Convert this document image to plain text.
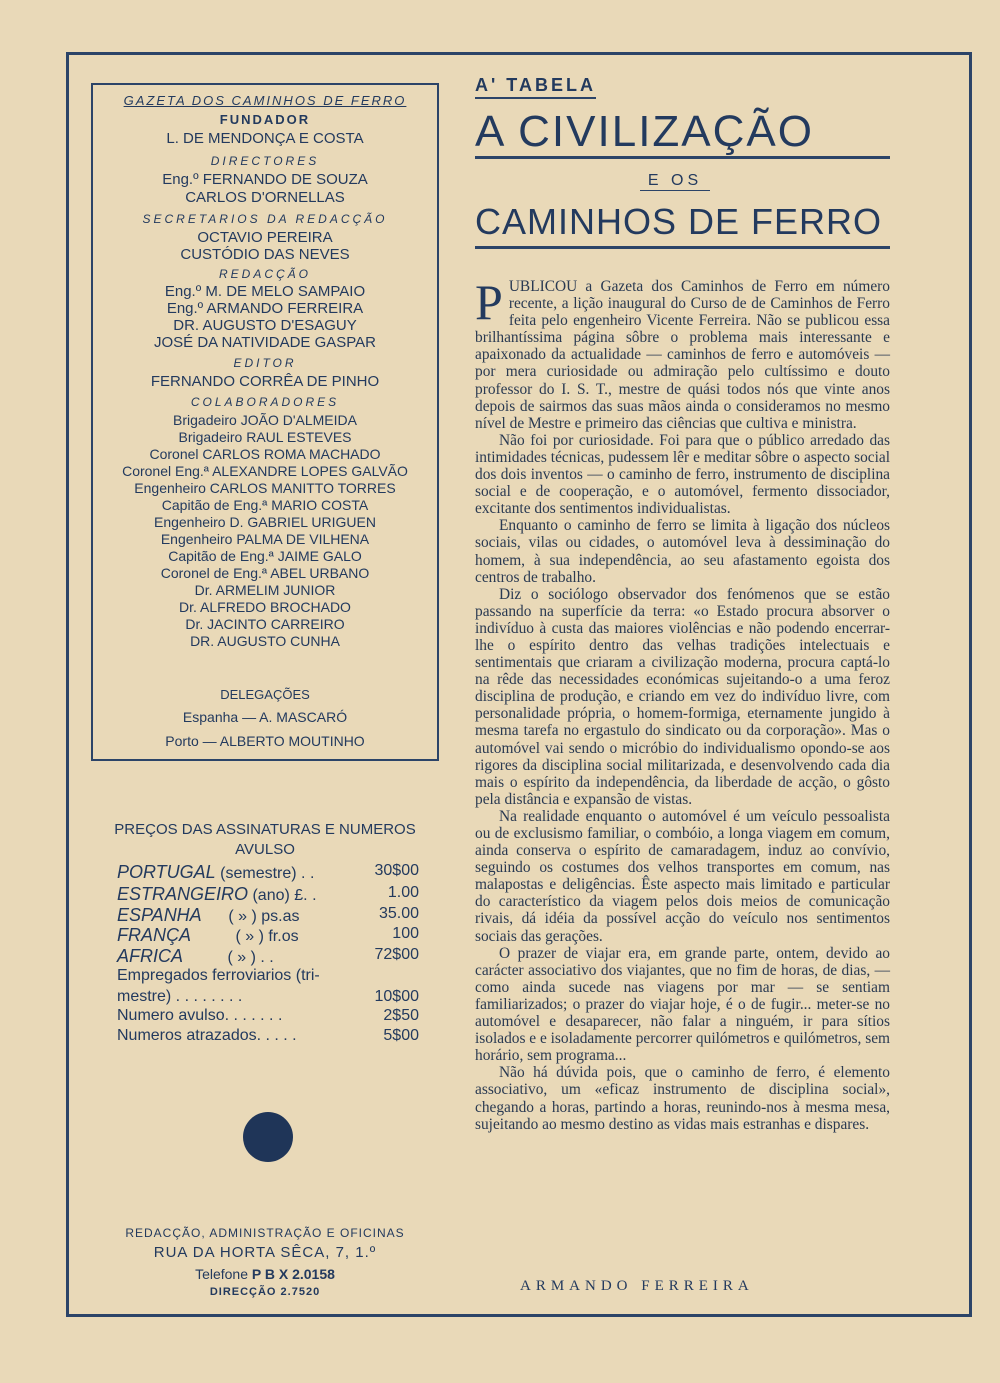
GAZETA DOS CAMINHOS DE FERRO
FUNDADOR
L. DE MENDONÇA E COSTA
DIRECTORES
Eng.º FERNANDO DE SOUZA
CARLOS D'ORNELLAS
SECRETARIOS DA REDACÇÃO
OCTAVIO PEREIRA
CUSTÓDIO DAS NEVES
REDACÇÃO
Eng.º M. DE MELO SAMPAIO
Eng.º ARMANDO FERREIRA
DR. AUGUSTO D'ESAGUY
JOSÉ DA NATIVIDADE GASPAR
EDITOR
FERNANDO CORRÊA DE PINHO
COLABORADORES
Brigadeiro JOÃO D'ALMEIDA
Brigadeiro RAUL ESTEVES
Coronel CARLOS ROMA MACHADO
Coronel Eng.ª ALEXANDRE LOPES GALVÃO
Engenheiro CARLOS MANITTO TORRES
Capitão de Eng.ª MARIO COSTA
Engenheiro D. GABRIEL URIGUEN
Engenheiro PALMA DE VILHENA
Capitão de Eng.ª JAIME GALO
Coronel de Eng.ª ABEL URBANO
Dr. ARMELIM JUNIOR
Dr. ALFREDO BROCHADO
Dr. JACINTO CARREIRO
DR. AUGUSTO CUNHA
DELEGAÇÕES
Espanha — A. MASCARÓ
Porto — ALBERTO MOUTINHO
PREÇOS DAS ASSINATURAS E NUMEROS
AVULSO
PORTUGAL (semestre) . .	30$00
ESTRANGEIRO (ano) £. .	1.00
ESPANHA      ( » ) ps.as	35.00
FRANÇA          ( » ) fr.os	100
AFRICA          ( » ) . .	72$00
Empregados ferroviarios (tri-
mestre) . . . . . . . .	10$00
Numero avulso. . . . . . .	2$50
Numeros atrazados. . . . .	5$00
REDACÇÃO, ADMINISTRAÇÃO E OFICINAS
RUA DA HORTA SÊCA, 7, 1.º
Telefone P B X 2.0158
DIRECÇÃO 2.7520
A' TABELA
A CIVILIZAÇÃO
E OS
CAMINHOS DE FERRO

PUBLICOU a Gazeta dos Caminhos de Ferro em número recente, a lição inaugural do Curso de de Caminhos de Ferro feita pelo engenheiro Vicente Ferreira. Não se publicou essa brilhantíssima página sôbre o problema mais interessante e apaixonado da actualidade — caminhos de ferro e automóveis — por mera curiosidade ou admiração pelo cultíssimo e douto professor do I. S. T., mestre de quási todos nós que vinte anos depois de sairmos das suas mãos ainda o consideramos no mesmo nível de Mestre e primeiro das ciências que cultiva e ministra.

Não foi por curiosidade. Foi para que o público arredado das intimidades técnicas, pudessem lêr e meditar sôbre o aspecto social dos dois inventos — o caminho de ferro, instrumento de disciplina social e de cooperação, e o automóvel, fermento dissociador, excitante dos sentimentos individualistas.

Enquanto o caminho de ferro se limita à ligação dos núcleos sociais, vilas ou cidades, o automóvel leva à dessiminação do homem, à sua independência, ao seu afastamento egoista dos centros de trabalho.

Diz o sociólogo observador dos fenómenos que se estão passando na superfície da terra: «o Estado procura absorver o indivíduo à custa das maiores violências e não podendo encerrar-lhe o espírito dentro das velhas tradições intelectuais e sentimentais que criaram a civilização moderna, procura captá-lo na rêde das necessidades económicas sujeitando-o a uma feroz disciplina de produção, e criando em vez do indivíduo livre, com personalidade própria, o homem-formiga, eternamente jungido à mesma tarefa no ergastulo do sindicato ou da corporação». Mas o automóvel vai sendo o micróbio do individualismo opondo-se aos rigores da disciplina social militarizada, e desenvolvendo cada dia mais o espírito da independência, da liberdade de acção, o gôsto pela distância e expansão de vistas.

Na realidade enquanto o automóvel é um veículo pessoalista ou de exclusismo familiar, o combóio, a longa viagem em comum, ainda conserva o espírito de camaradagem, induz ao convívio, seguindo os costumes dos velhos transportes em comum, nas malapostas e deligências. Êste aspecto mais limitado e particular do característico da viagem pelos dois meios de comunicação rivais, dá idéia da possível acção do veículo nos sentimentos sociais das gerações.

O prazer de viajar era, em grande parte, ontem, devido ao carácter associativo dos viajantes, que no fim de horas, de dias, — como ainda sucede nas viagens por mar — se sentiam familiarizados; o prazer do viajar hoje, é o de fugir... meter-se no automóvel e desaparecer, não falar a ninguém, ir para sítios isolados e e isoladamente percorrer quilómetros e quilómetros, sem horário, sem programa...

Não há dúvida pois, que o caminho de ferro, é elemento associativo, um «eficaz instrumento de disciplina social», chegando a horas, partindo a horas, reunindo-nos à mesma mesa, sujeitando ao mesmo destino as vidas mais estranhas e dispares.

ARMANDO FERREIRA
